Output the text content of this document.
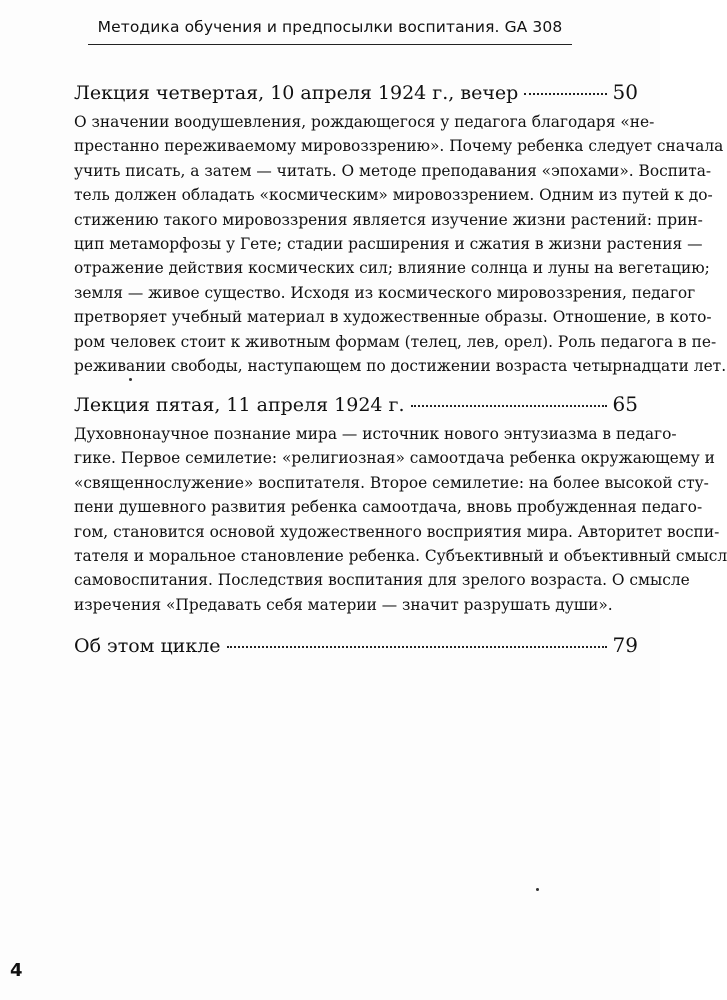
Методика обучения и предпосылки воспитания. GA 308
Лекция четвертая, 10 апреля 1924 г., вечер	50
О значении воодушевления, рождающегося у педагога благодаря «не-
престанно переживаемому мировоззрению». Почему ребенка следует сначала
учить писать, а затем — читать. О методе преподавания «эпохами». Воспита-
тель должен обладать «космическим» мировоззрением. Одним из путей к до-
стижению такого мировоззрения является изучение жизни растений: прин-
цип метаморфозы у Гете; стадии расширения и сжатия в жизни растения —
отражение действия космических сил; влияние солнца и луны на вегетацию;
земля — живое существо. Исходя из космического мировоззрения, педагог
претворяет учебный материал в художественные образы. Отношение, в кото-
ром человек стоит к животным формам (телец, лев, орел). Роль педагога в пе-
реживании свободы, наступающем по достижении возраста четырнадцати лет.
Лекция пятая, 11 апреля 1924 г.	65
Духовнонаучное познание мира — источник нового энтузиазма в педаго-
гике. Первое семилетие: «религиозная» самоотдача ребенка окружающему и
«священнослужение» воспитателя. Второе семилетие: на более высокой сту-
пени душевного развития ребенка самоотдача, вновь пробужденная педаго-
гом, становится основой художественного восприятия мира. Авторитет воспи-
тателя и моральное становление ребенка. Субъективный и объективный смысл
самовоспитания. Последствия воспитания для зрелого возраста. О смысле
изречения «Предавать себя материи — значит разрушать души».
Об этом цикле	79
4
